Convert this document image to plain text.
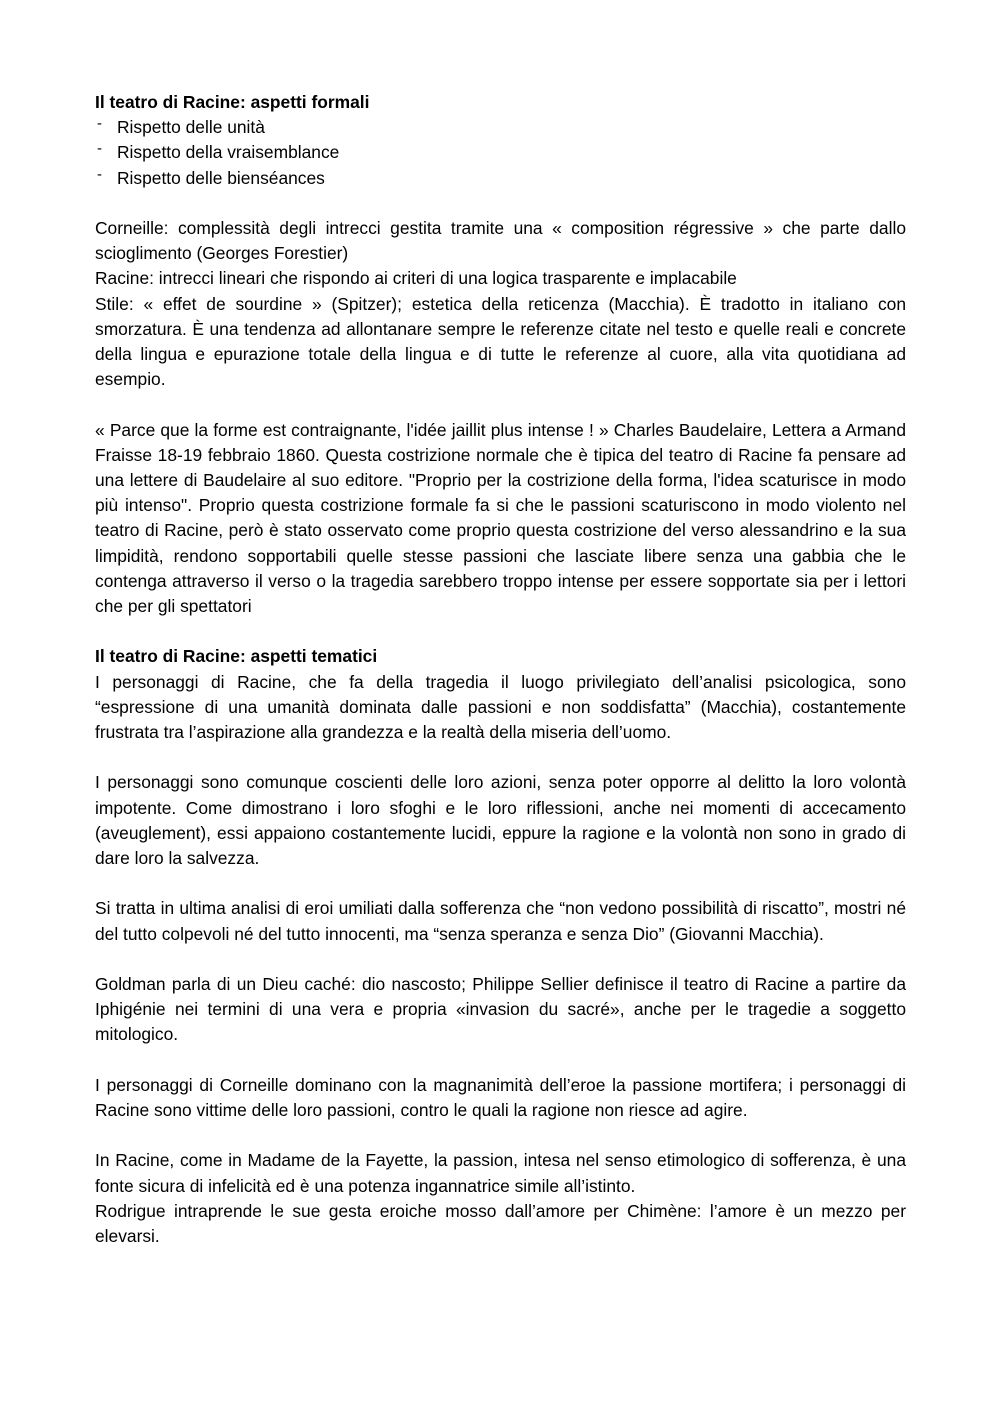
Il teatro di Racine: aspetti formali
- Rispetto delle unità
- Rispetto della vraisemblance
- Rispetto delle bienséances

Corneille: complessità degli intrecci gestita tramite una « composition régressive » che parte dallo scioglimento (Georges Forestier)

Racine: intrecci lineari che rispondo ai criteri di una logica trasparente e implacabile

Stile: « effet de sourdine » (Spitzer); estetica della reticenza (Macchia). È tradotto in italiano con smorzatura. È una tendenza ad allontanare sempre le referenze citate nel testo e quelle reali e concrete della lingua e epurazione totale della lingua e di tutte le referenze al cuore, alla vita quotidiana ad esempio.

« Parce que la forme est contraignante, l'idée jaillit plus intense ! » Charles Baudelaire, Lettera a Armand Fraisse 18-19 febbraio 1860. Questa costrizione normale che è tipica del teatro di Racine fa pensare ad una lettere di Baudelaire al suo editore. "Proprio per la costrizione della forma, l'idea scaturisce in modo più intenso". Proprio questa costrizione formale fa si che le passioni scaturiscono in modo violento nel teatro di Racine, però è stato osservato come proprio questa costrizione del verso alessandrino e la sua limpidità, rendono sopportabili quelle stesse passioni che lasciate libere senza una gabbia che le contenga attraverso il verso o la tragedia sarebbero troppo intense per essere sopportate sia per i lettori che per gli spettatori

Il teatro di Racine: aspetti tematici

I personaggi di Racine, che fa della tragedia il luogo privilegiato dell’analisi psicologica, sono “espressione di una umanità dominata dalle passioni e non soddisfatta” (Macchia), costantemente frustrata tra l’aspirazione alla grandezza e la realtà della miseria dell’uomo.

I personaggi sono comunque coscienti delle loro azioni, senza poter opporre al delitto la loro volontà impotente. Come dimostrano i loro sfoghi e le loro riflessioni, anche nei momenti di accecamento (aveuglement), essi appaiono costantemente lucidi, eppure la ragione e la volontà non sono in grado di dare loro la salvezza.

Si tratta in ultima analisi di eroi umiliati dalla sofferenza che “non vedono possibilità di riscatto”, mostri né del tutto colpevoli né del tutto innocenti, ma “senza speranza e senza Dio” (Giovanni Macchia).

Goldman parla di un Dieu caché: dio nascosto; Philippe Sellier definisce il teatro di Racine a partire da Iphigénie nei termini di una vera e propria «invasion du sacré», anche per le tragedie a soggetto mitologico.

I personaggi di Corneille dominano con la magnanimità dell’eroe la passione mortifera; i personaggi di Racine sono vittime delle loro passioni, contro le quali la ragione non riesce ad agire.

In Racine, come in Madame de la Fayette, la passion, intesa nel senso etimologico di sofferenza, è una fonte sicura di infelicità ed è una potenza ingannatrice simile all’istinto.

Rodrigue intraprende le sue gesta eroiche mosso dall’amore per Chimène: l’amore è un mezzo per elevarsi.
